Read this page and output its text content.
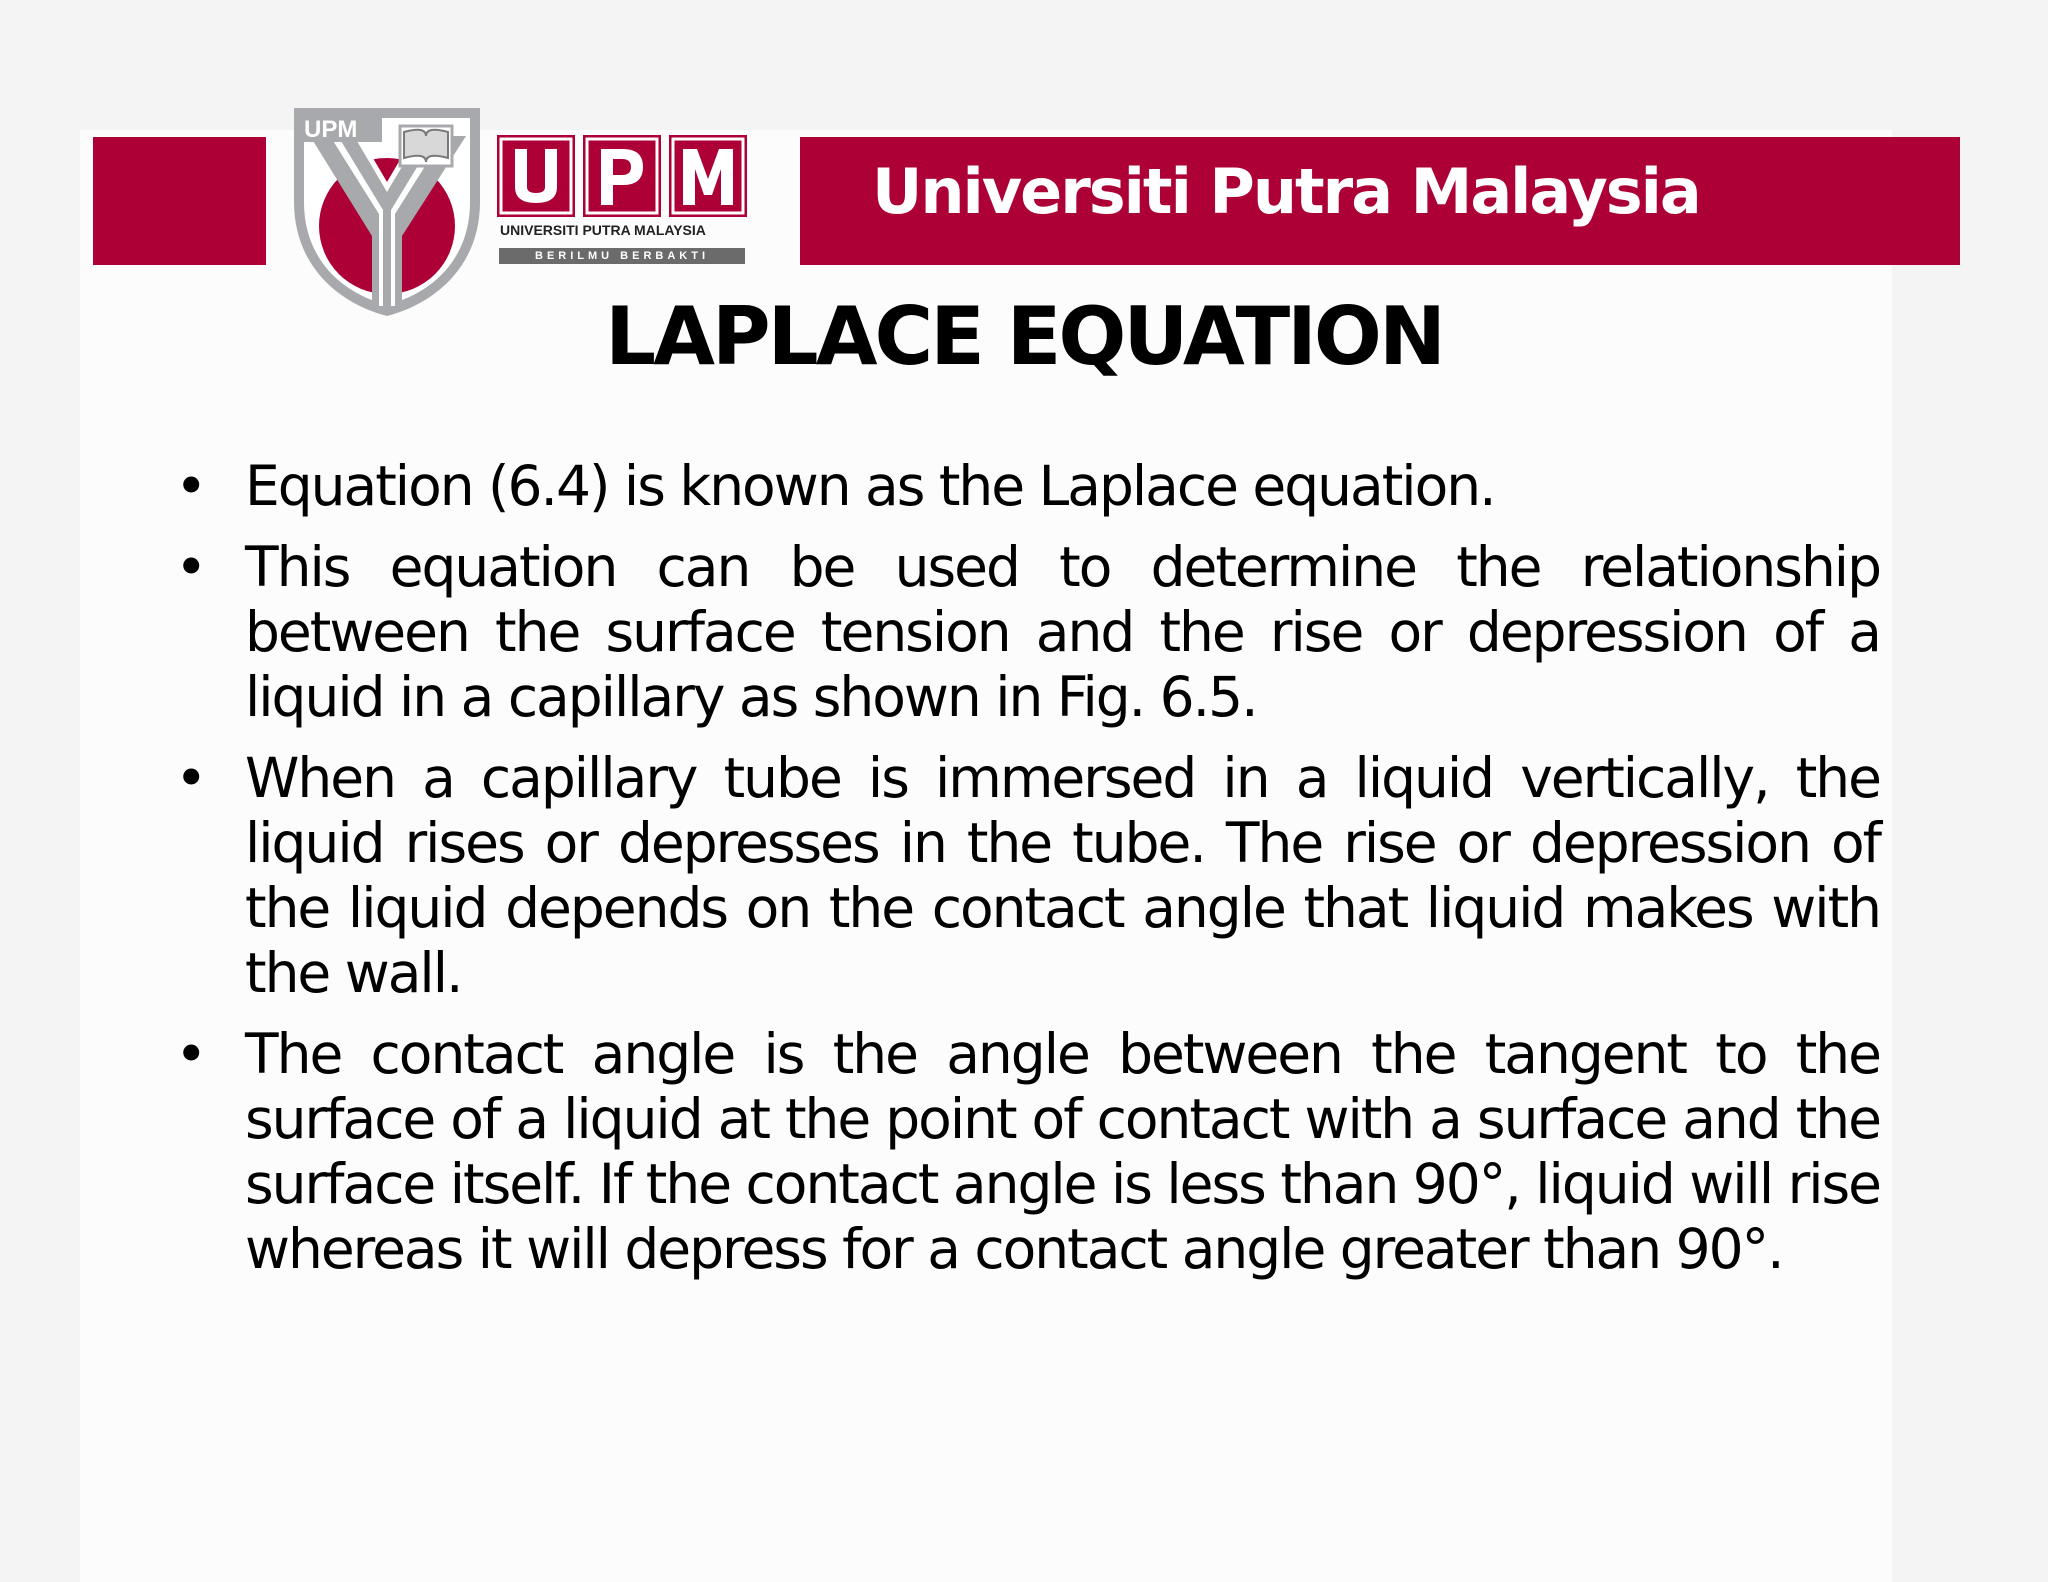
Universiti Putra Malaysia
UPM
UNIVERSITI PUTRA MALAYSIA
BERILMU BERBAKTI
LAPLACE EQUATION
• Equation (6.4) is known as the Laplace equation.
• This equation can be used to determine the relationship between the surface tension and the rise or depression of a liquid in a capillary as shown in Fig. 6.5.
• When a capillary tube is immersed in a liquid vertically, the liquid rises or depresses in the tube. The rise or depression of the liquid depends on the contact angle that liquid makes with the wall.
• The contact angle is the angle between the tangent to the surface of a liquid at the point of contact with a surface and the surface itself. If the contact angle is less than 90°, liquid will rise whereas it will depress for a contact angle greater than 90°.
